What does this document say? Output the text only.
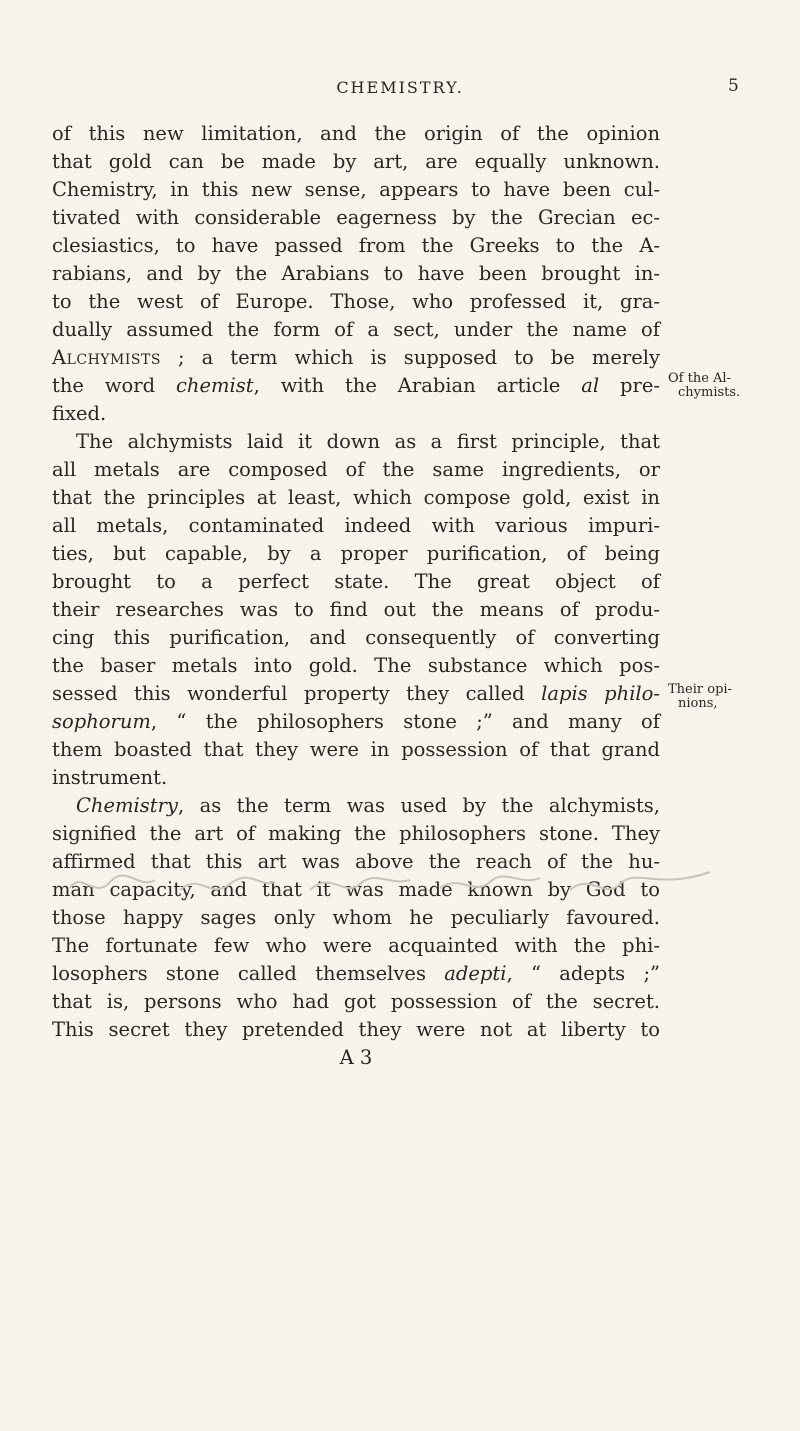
CHEMISTRY.	5
of this new limitation, and the origin of the opinion
that gold can be made by art, are equally unknown.
Chemistry, in this new sense, appears to have been cul-
tivated with considerable eagerness by the Grecian ec-
clesiastics, to have passed from the Greeks to the A-
rabians, and by the Arabians to have been brought in-
to the west of Europe. Those, who professed it, gra-
dually assumed the form of a sect, under the name of
Alchymists ; a term which is supposed to be merely
the word chemist, with the Arabian article al pre-
fixed.
The alchymists laid it down as a first principle, that
all metals are composed of the same ingredients, or
that the principles at least, which compose gold, exist in
all metals, contaminated indeed with various impuri-
ties, but capable, by a proper purification, of being
brought to a perfect state. The great object of
their researches was to find out the means of produ-
cing this purification, and consequently of converting
the baser metals into gold. The substance which pos-
sessed this wonderful property they called lapis philo-
sophorum, “ the philosophers stone ;” and many of
them boasted that they were in possession of that grand
instrument.
Chemistry, as the term was used by the alchymists,
signified the art of making the philosophers stone. They
affirmed that this art was above the reach of the hu-
man capacity, and that it was made known by God to
those happy sages only whom he peculiarly favoured.
The fortunate few who were acquainted with the phi-
losophers stone called themselves adepti, “ adepts ;”
that is, persons who had got possession of the secret.
This secret they pretended they were not at liberty to
A 3
Of the Al-
chymists.
Their opi-
nions,
